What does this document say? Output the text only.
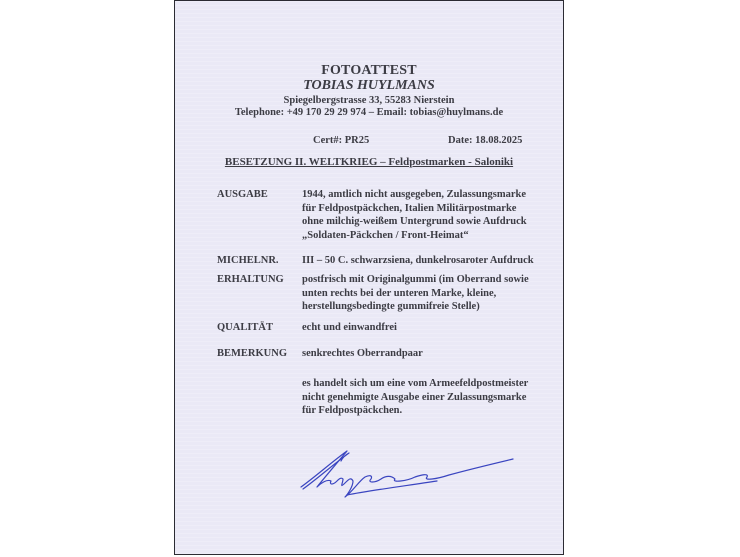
FOTOATTEST
TOBIAS HUYLMANS
Spiegelbergstrasse 33, 55283 Nierstein
Telephone: +49 170 29 29 974 – Email: tobias@huylmans.de
Cert#: PR25	Date: 18.08.2025
BESETZUNG II. WELTKRIEG – Feldpostmarken - Saloniki
AUSGABE	1944, amtlich nicht ausgegeben, Zulassungsmarke
für Feldpostpäckchen, Italien Militärpostmarke
ohne milchig-weißem Untergrund sowie Aufdruck
„Soldaten-Päckchen / Front-Heimat“
MICHELNR.	III – 50 C. schwarzsiena, dunkelrosaroter Aufdruck
ERHALTUNG	postfrisch mit Originalgummi (im Oberrand sowie
unten rechts bei der unteren Marke, kleine,
herstellungsbedingte gummifreie Stelle)
QUALITÄT	echt und einwandfrei
BEMERKUNG senkrechtes Oberrandpaar
es handelt sich um eine vom Armeefeldpostmeister
nicht genehmigte Ausgabe einer Zulassungsmarke
für Feldpostpäckchen.
